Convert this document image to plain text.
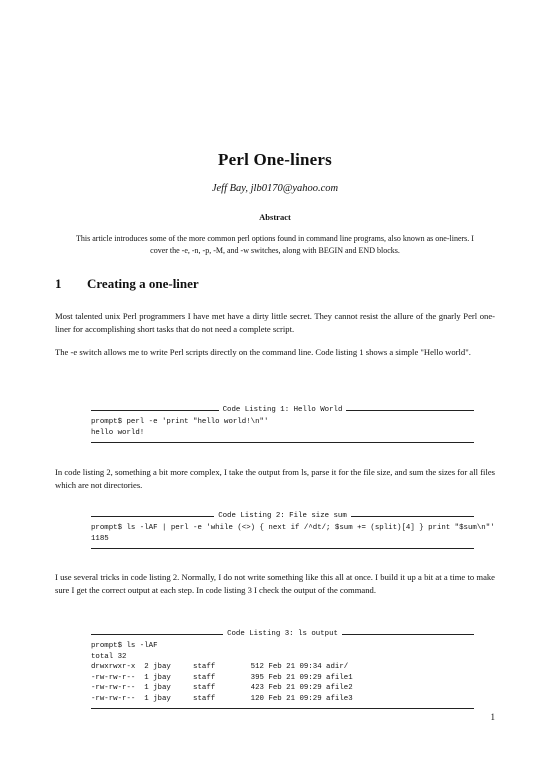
Perl One-liners
Jeff Bay, jlb0170@yahoo.com
Abstract
This article introduces some of the more common perl options found in command line programs, also known as one-liners. I cover the -e, -n, -p, -M, and -w switches, along with BEGIN and END blocks.
1 Creating a one-liner
Most talented unix Perl programmers I have met have a dirty little secret. They cannot resist the allure of the gnarly Perl one-liner for accomplishing short tasks that do not need a complete script.
The -e switch allows me to write Perl scripts directly on the command line. Code listing 1 shows a simple "Hello world".
Code Listing 1: Hello World
prompt$ perl -e 'print "hello world!\n"'
hello world!
In code listing 2, something a bit more complex, I take the output from ls, parse it for the file size, and sum the sizes for all files which are not directories.
Code Listing 2: File size sum
prompt$ ls -lAF | perl -e 'while (<>) { next if /^dt/; $sum += (split)[4] } print "$sum\n"'
1185
I use several tricks in code listing 2. Normally, I do not write something like this all at once. I build it up a bit at a time to make sure I get the correct output at each step. In code listing 3 I check the output of the command.
Code Listing 3: ls output
prompt$ ls -lAF
total 32
drwxrwxr-x  2 jbay     staff        512 Feb 21 09:34 adir/
-rw-rw-r--  1 jbay     staff        395 Feb 21 09:29 afile1
-rw-rw-r--  1 jbay     staff        423 Feb 21 09:29 afile2
-rw-rw-r--  1 jbay     staff        120 Feb 21 09:29 afile3
1
